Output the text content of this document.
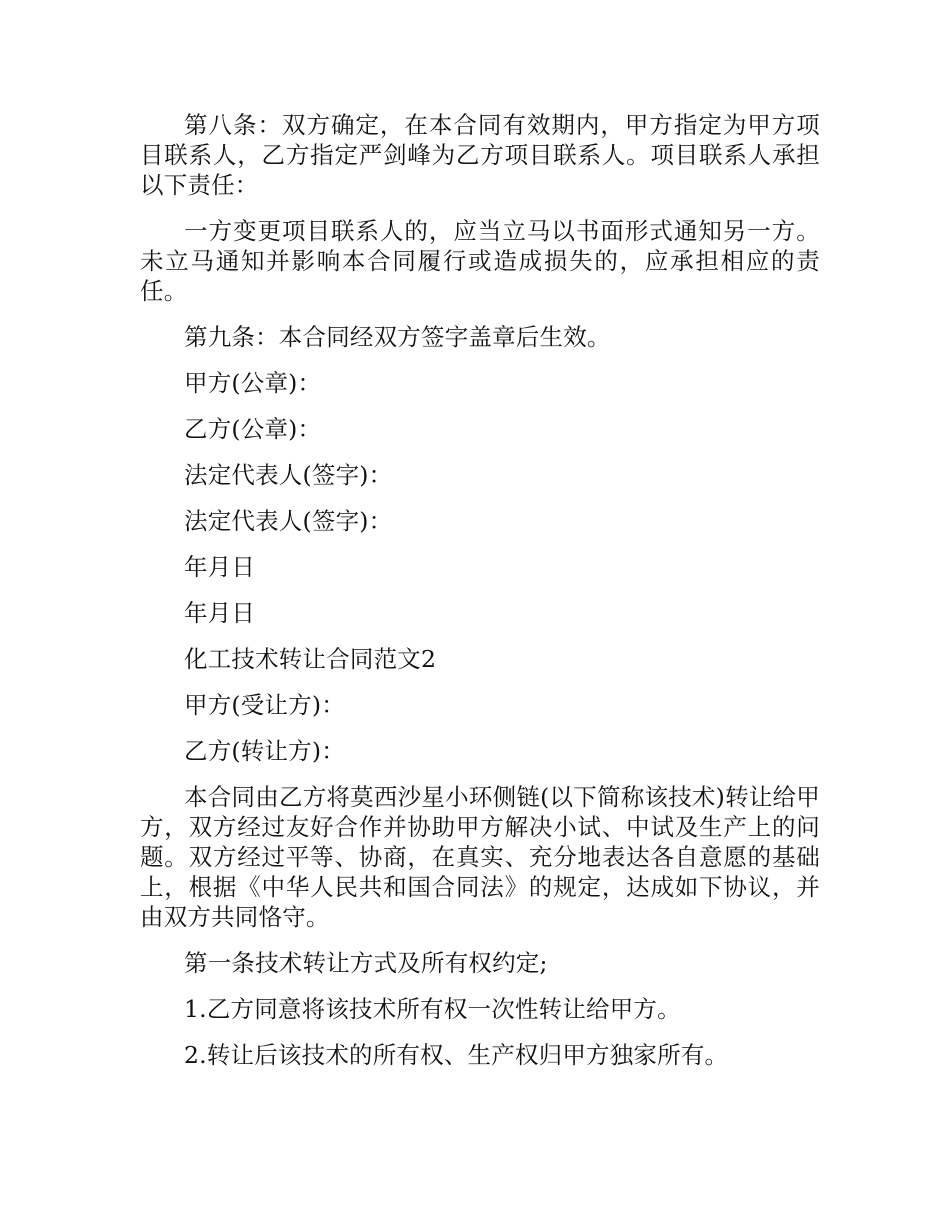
第八条：双方确定，在本合同有效期内，甲方指定为甲方项目联系人，乙方指定严剑峰为乙方项目联系人。项目联系人承担以下责任：

一方变更项目联系人的，应当立马以书面形式通知另一方。未立马通知并影响本合同履行或造成损失的，应承担相应的责任。

第九条：本合同经双方签字盖章后生效。

甲方(公章)：

乙方(公章)：

法定代表人(签字)：

法定代表人(签字)：

年月日

年月日

化工技术转让合同范文2

甲方(受让方)：

乙方(转让方)：

本合同由乙方将莫西沙星小环侧链(以下简称该技术)转让给甲方，双方经过友好合作并协助甲方解决小试、中试及生产上的问题。双方经过平等、协商，在真实、充分地表达各自意愿的基础上，根据《中华人民共和国合同法》的规定，达成如下协议，并由双方共同恪守。

第一条技术转让方式及所有权约定;

1.乙方同意将该技术所有权一次性转让给甲方。

2.转让后该技术的所有权、生产权归甲方独家所有。
